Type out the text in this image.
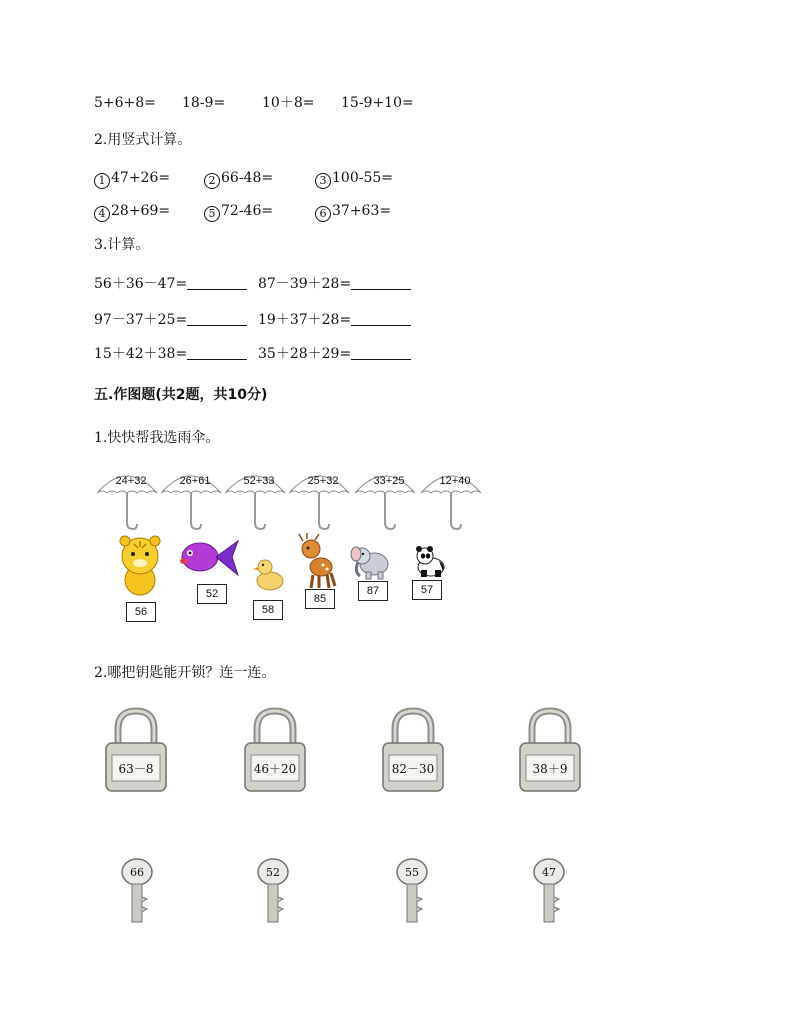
5+6+8= 18-9=	10＋8= 15-9+10=
2.用竖式计算。
1 47+26=	2 66-48=	3 100-55=
4 28+69=	5 72-46=	6 37+63=
3.计算。
56＋36－47=	87－39＋28=
97－37＋25=	19＋37＋28=
15＋42＋38=	35＋28＋29=
五.作图题(共2题，共10分)
1.快快帮我选雨伞。
24+32	26+61	52+33	25+32	33+25	12+40
56
52
58
85
87	57
2.哪把钥匙能开锁？连一连。
63－8	46＋20	82－30	38＋9
66	52	55	47
